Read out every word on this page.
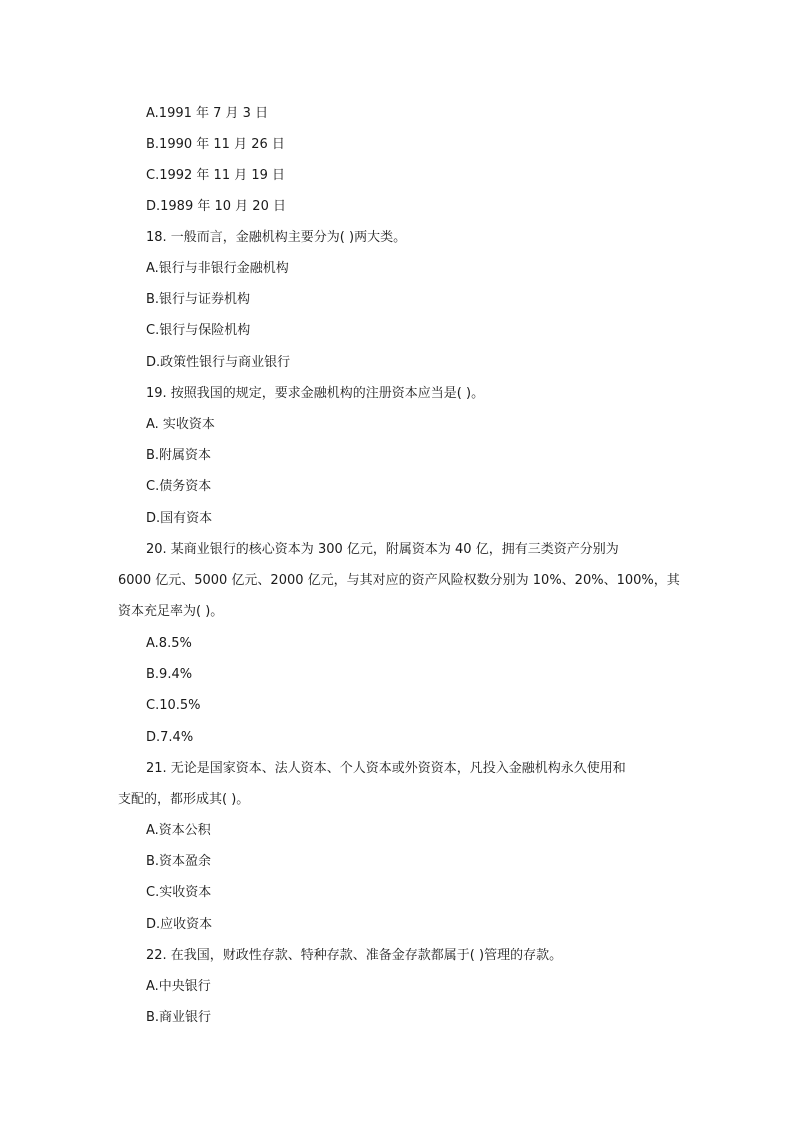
A.1991 年 7 月 3 日
B.1990 年 11 月 26 日
C.1992 年 11 月 19 日
D.1989 年 10 月 20 日
18. 一般而言，金融机构主要分为( )两大类。
A.银行与非银行金融机构
B.银行与证券机构
C.银行与保险机构
D.政策性银行与商业银行
19. 按照我国的规定，要求金融机构的注册资本应当是( )。
A. 实收资本
B.附属资本
C.债务资本
D.国有资本
20. 某商业银行的核心资本为 300 亿元，附属资本为 40 亿，拥有三类资产分别为
6000 亿元、5000 亿元、2000 亿元，与其对应的资产风险权数分别为 10%、20%、100%，其
资本充足率为( )。
A.8.5%
B.9.4%
C.10.5%
D.7.4%
21. 无论是国家资本、法人资本、个人资本或外资资本，凡投入金融机构永久使用和
支配的，都形成其( )。
A.资本公积
B.资本盈余
C.实收资本
D.应收资本
22. 在我国，财政性存款、特种存款、准备金存款都属于( )管理的存款。
A.中央银行
B.商业银行
